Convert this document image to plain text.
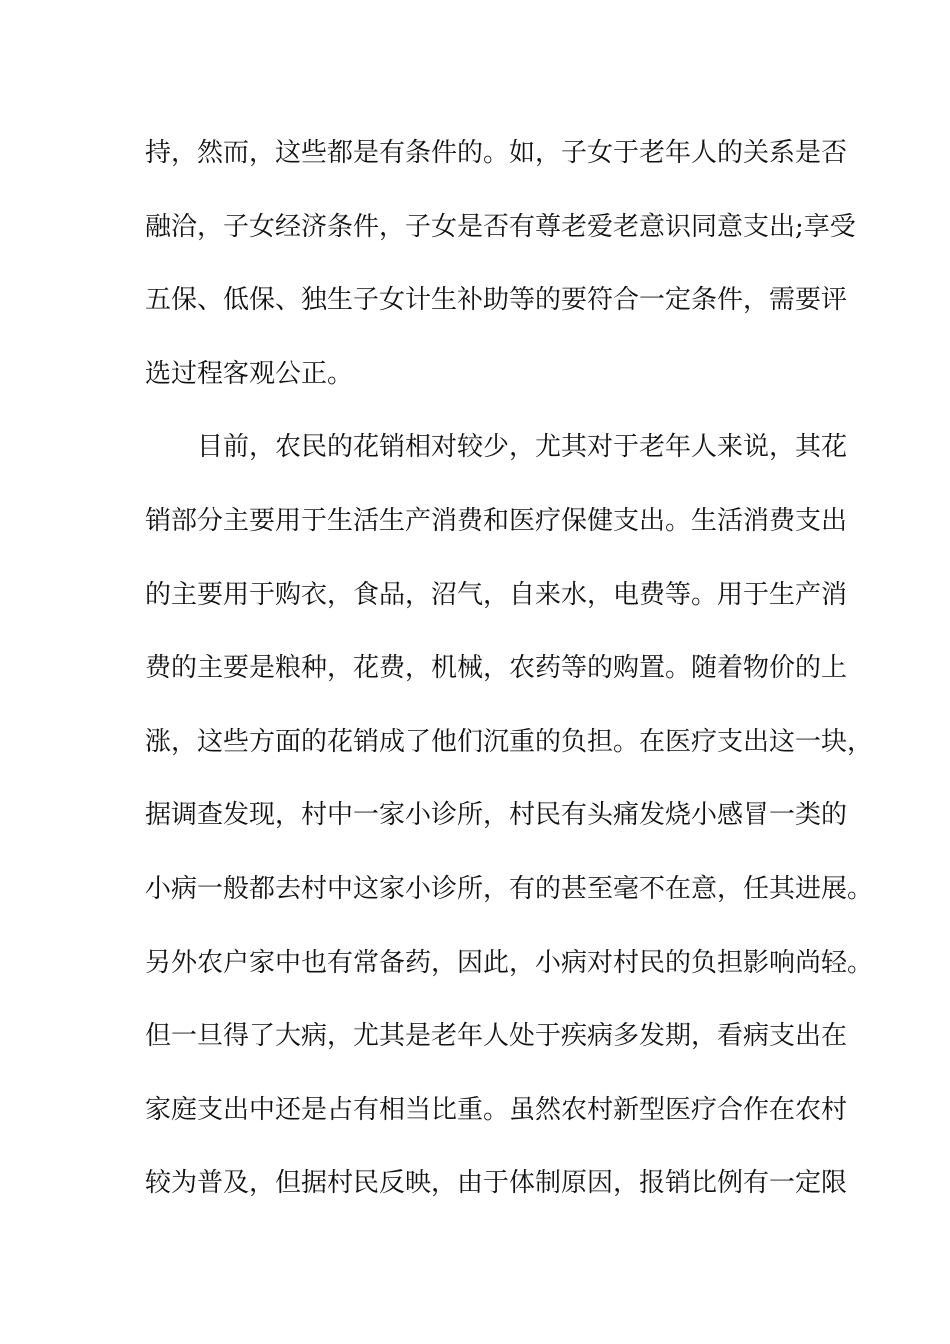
持，然而，这些都是有条件的。如，子女于老年人的关系是否
融洽，子女经济条件，子女是否有尊老爱老意识同意支出;享受
五保、低保、独生子女计生补助等的要符合一定条件，需要评
选过程客观公正。
目前，农民的花销相对较少，尤其对于老年人来说，其花
销部分主要用于生活生产消费和医疗保健支出。生活消费支出
的主要用于购衣，食品，沼气，自来水，电费等。用于生产消
费的主要是粮种，花费，机械，农药等的购置。随着物价的上
涨，这些方面的花销成了他们沉重的负担。在医疗支出这一块，
据调查发现，村中一家小诊所，村民有头痛发烧小感冒一类的
小病一般都去村中这家小诊所，有的甚至毫不在意，任其进展。
另外农户家中也有常备药，因此，小病对村民的负担影响尚轻。
但一旦得了大病，尤其是老年人处于疾病多发期，看病支出在
家庭支出中还是占有相当比重。虽然农村新型医疗合作在农村
较为普及，但据村民反映，由于体制原因，报销比例有一定限
